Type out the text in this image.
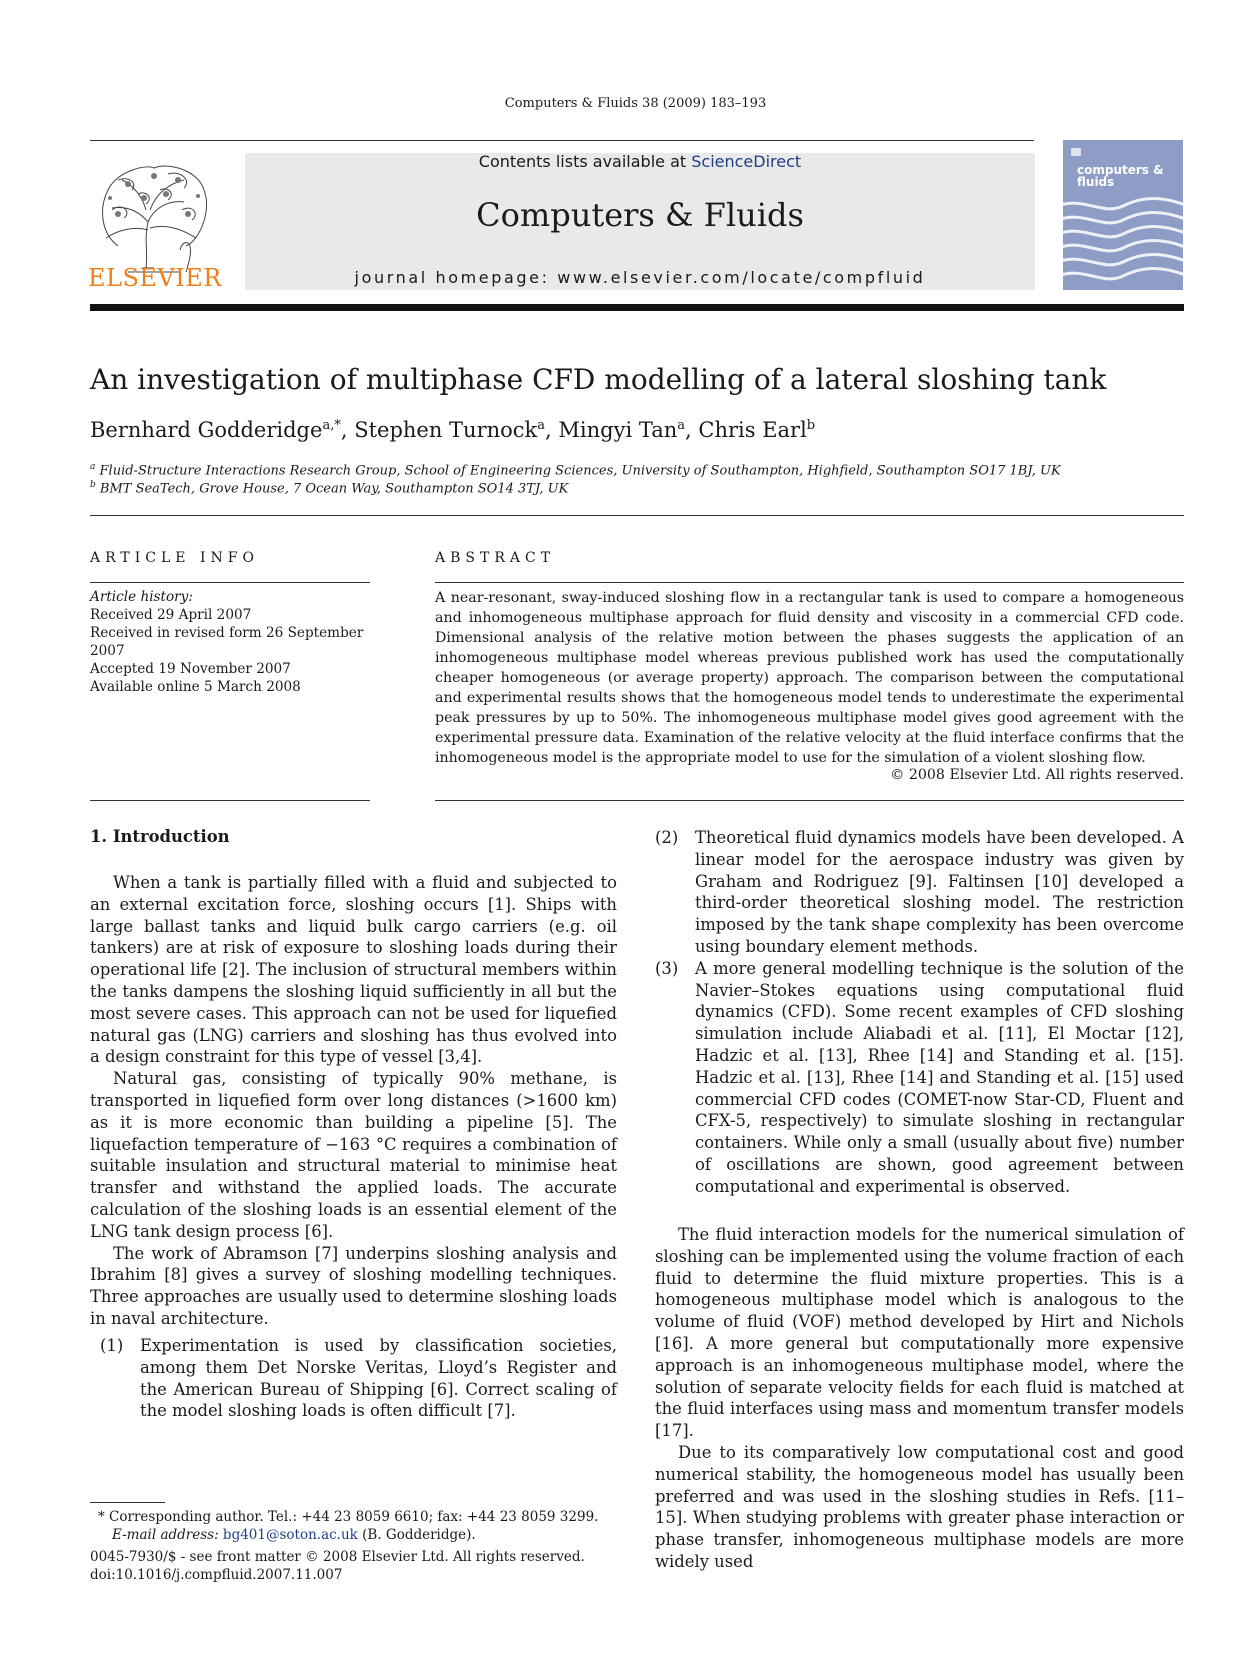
Computers & Fluids 38 (2009) 183–193
ELSEVIER
Contents lists available at ScienceDirect
Computers & Fluids
journal homepage: www.elsevier.com/locate/compfluid
computers & fluids
An investigation of multiphase CFD modelling of a lateral sloshing tank
Bernhard Godderidge$^{a,*}$, Stephen Turnock$^a$, Mingyi Tan$^a$, Chris Earl$^b$
$^a$ Fluid-Structure Interactions Research Group, School of Engineering Sciences, University of Southampton, Highfield, Southampton SO17 1BJ, UK
$^b$ BMT SeaTech, Grove House, 7 Ocean Way, Southampton SO14 3TJ, UK
ARTICLE INFO	ABSTRACT
Article history:
Received 29 April 2007
Received in revised form 26 September 2007
Accepted 19 November 2007
Available online 5 March 2008
A near-resonant, sway-induced sloshing flow in a rectangular tank is used to compare a homogeneous and inhomogeneous multiphase approach for fluid density and viscosity in a commercial CFD code. Dimensional analysis of the relative motion between the phases suggests the application of an inhomogeneous multiphase model whereas previous published work has used the computationally cheaper homogeneous (or average property) approach. The comparison between the computational and experimental results shows that the homogeneous model tends to underestimate the experimental peak pressures by up to 50%. The inhomogeneous multiphase model gives good agreement with the experimental pressure data. Examination of the relative velocity at the fluid interface confirms that the inhomogeneous model is the appropriate model to use for the simulation of a violent sloshing flow.
© 2008 Elsevier Ltd. All rights reserved.
1. Introduction

When a tank is partially filled with a fluid and subjected to an external excitation force, sloshing occurs [1]. Ships with large ballast tanks and liquid bulk cargo carriers (e.g. oil tankers) are at risk of exposure to sloshing loads during their operational life [2]. The inclusion of structural members within the tanks dampens the sloshing liquid sufficiently in all but the most severe cases. This approach can not be used for liquefied natural gas (LNG) carriers and sloshing has thus evolved into a design constraint for this type of vessel [3,4].

Natural gas, consisting of typically 90% methane, is transported in liquefied form over long distances (>1600 km) as it is more economic than building a pipeline [5]. The liquefaction temperature of −163 °C requires a combination of suitable insulation and structural material to minimise heat transfer and withstand the applied loads. The accurate calculation of the sloshing loads is an essential element of the LNG tank design process [6].

The work of Abramson [7] underpins sloshing analysis and Ibrahim [8] gives a survey of sloshing modelling techniques. Three approaches are usually used to determine sloshing loads in naval architecture.

(1)	Experimentation is used by classification societies, among them Det Norske Veritas, Lloyd’s Register and the American Bureau of Shipping [6]. Correct scaling of the model sloshing loads is often difficult [7].
(2)	Theoretical fluid dynamics models have been developed. A linear model for the aerospace industry was given by Graham and Rodriguez [9]. Faltinsen [10] developed a third-order theoretical sloshing model. The restriction imposed by the tank shape complexity has been overcome using boundary element methods.
(3)	A more general modelling technique is the solution of the Navier–Stokes equations using computational fluid dynamics (CFD). Some recent examples of CFD sloshing simulation include Aliabadi et al. [11], El Moctar [12], Hadzic et al. [13], Rhee [14] and Standing et al. [15]. Hadzic et al. [13], Rhee [14] and Standing et al. [15] used commercial CFD codes (COMET-now Star-CD, Fluent and CFX-5, respectively) to simulate sloshing in rectangular containers. While only a small (usually about five) number of oscillations are shown, good agreement between computational and experimental is observed.

The fluid interaction models for the numerical simulation of sloshing can be implemented using the volume fraction of each fluid to determine the fluid mixture properties. This is a homogeneous multiphase model which is analogous to the volume of fluid (VOF) method developed by Hirt and Nichols [16]. A more general but computationally more expensive approach is an inhomogeneous multiphase model, where the solution of separate velocity fields for each fluid is matched at the fluid interfaces using mass and momentum transfer models [17].

Due to its comparatively low computational cost and good numerical stability, the homogeneous model has usually been preferred and was used in the sloshing studies in Refs. [11–15]. When studying problems with greater phase interaction or phase transfer, inhomogeneous multiphase models are more widely used

* Corresponding author. Tel.: +44 23 8059 6610; fax: +44 23 8059 3299.
E-mail address: bg401@soton.ac.uk (B. Godderidge).
0045-7930/$ - see front matter © 2008 Elsevier Ltd. All rights reserved.
doi:10.1016/j.compfluid.2007.11.007
